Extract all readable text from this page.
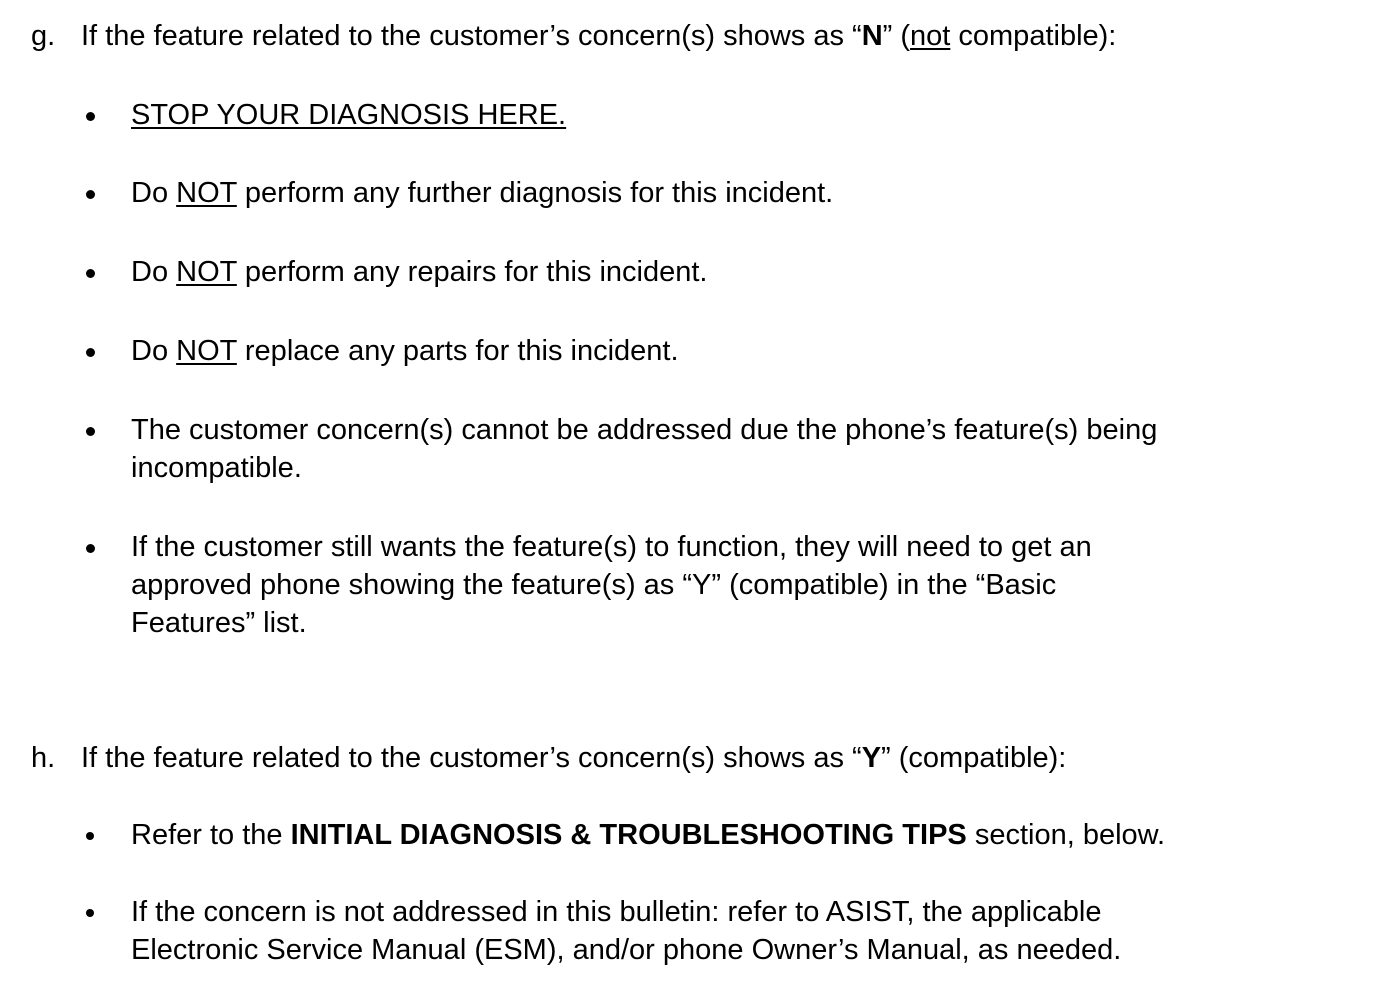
g. If the feature related to the customer’s concern(s) shows as “N” (not compatible):
STOP YOUR DIAGNOSIS HERE.
Do NOT perform any further diagnosis for this incident.
Do NOT perform any repairs for this incident.
Do NOT replace any parts for this incident.
The customer concern(s) cannot be addressed due the phone’s feature(s) being
incompatible.
If the customer still wants the feature(s) to function, they will need to get an
approved phone showing the feature(s) as “Y” (compatible) in the “Basic
Features” list.
h. If the feature related to the customer’s concern(s) shows as “Y” (compatible):
Refer to the INITIAL DIAGNOSIS & TROUBLESHOOTING TIPS section, below.
If the concern is not addressed in this bulletin: refer to ASIST, the applicable
Electronic Service Manual (ESM), and/or phone Owner’s Manual, as needed.
